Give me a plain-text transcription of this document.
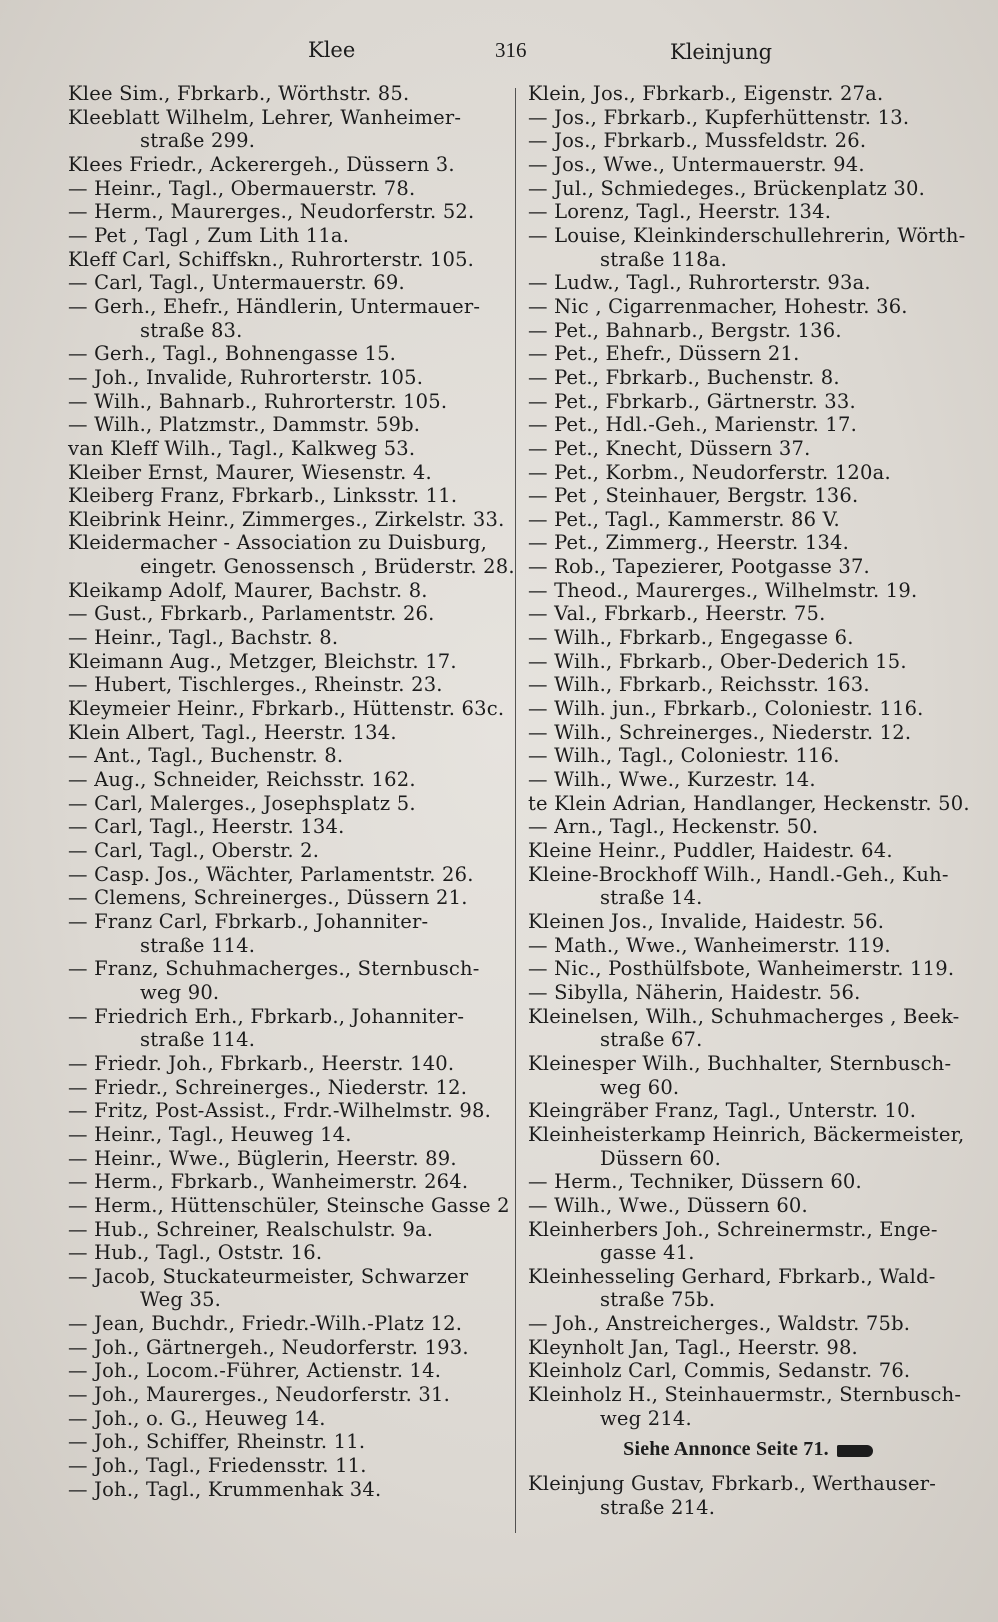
Klee	316	Kleinjung
Klee Sim., Fbrkarb., Wörthstr. 85.
Kleeblatt Wilhelm, Lehrer, Wanheimer-
straße 299.
Klees Friedr., Ackerergeh., Düssern 3.
— Heinr., Tagl., Obermauerstr. 78.
— Herm., Maurerges., Neudorferstr. 52.
— Pet , Tagl , Zum Lith 11a.
Kleff Carl, Schiffskn., Ruhrorterstr. 105.
— Carl, Tagl., Untermauerstr. 69.
— Gerh., Ehefr., Händlerin, Untermauer-
straße 83.
— Gerh., Tagl., Bohnengasse 15.
— Joh., Invalide, Ruhrorterstr. 105.
— Wilh., Bahnarb., Ruhrorterstr. 105.
— Wilh., Platzmstr., Dammstr. 59b.
van Kleff Wilh., Tagl., Kalkweg 53.
Kleiber Ernst, Maurer, Wiesenstr. 4.
Kleiberg Franz, Fbrkarb., Linksstr. 11.
Kleibrink Heinr., Zimmerges., Zirkelstr. 33.
Kleidermacher - Association zu Duisburg,
eingetr. Genossensch , Brüderstr. 28.
Kleikamp Adolf, Maurer, Bachstr. 8.
— Gust., Fbrkarb., Parlamentstr. 26.
— Heinr., Tagl., Bachstr. 8.
Kleimann Aug., Metzger, Bleichstr. 17.
— Hubert, Tischlerges., Rheinstr. 23.
Kleymeier Heinr., Fbrkarb., Hüttenstr. 63c.
Klein Albert, Tagl., Heerstr. 134.
— Ant., Tagl., Buchenstr. 8.
— Aug., Schneider, Reichsstr. 162.
— Carl, Malerges., Josephsplatz 5.
— Carl, Tagl., Heerstr. 134.
— Carl, Tagl., Oberstr. 2.
— Casp. Jos., Wächter, Parlamentstr. 26.
— Clemens, Schreinerges., Düssern 21.
— Franz Carl, Fbrkarb., Johanniter-
straße 114.
— Franz, Schuhmacherges., Sternbusch-
weg 90.
— Friedrich Erh., Fbrkarb., Johanniter-
straße 114.
— Friedr. Joh., Fbrkarb., Heerstr. 140.
— Friedr., Schreinerges., Niederstr. 12.
— Fritz, Post-Assist., Frdr.-Wilhelmstr. 98.
— Heinr., Tagl., Heuweg 14.
— Heinr., Wwe., Büglerin, Heerstr. 89.
— Herm., Fbrkarb., Wanheimerstr. 264.
— Herm., Hüttenschüler, Steinsche Gasse 2
— Hub., Schreiner, Realschulstr. 9a.
— Hub., Tagl., Oststr. 16.
— Jacob, Stuckateurmeister, Schwarzer
Weg 35.
— Jean, Buchdr., Friedr.-Wilh.-Platz 12.
— Joh., Gärtnergeh., Neudorferstr. 193.
— Joh., Locom.-Führer, Actienstr. 14.
— Joh., Maurerges., Neudorferstr. 31.
— Joh., o. G., Heuweg 14.
— Joh., Schiffer, Rheinstr. 11.
— Joh., Tagl., Friedensstr. 11.
— Joh., Tagl., Krummenhak 34.
Klein, Jos., Fbrkarb., Eigenstr. 27a.
— Jos., Fbrkarb., Kupferhüttenstr. 13.
— Jos., Fbrkarb., Mussfeldstr. 26.
— Jos., Wwe., Untermauerstr. 94.
— Jul., Schmiedeges., Brückenplatz 30.
— Lorenz, Tagl., Heerstr. 134.
— Louise, Kleinkinderschullehrerin, Wörth-
straße 118a.
— Ludw., Tagl., Ruhrorterstr. 93a.
— Nic , Cigarrenmacher, Hohestr. 36.
— Pet., Bahnarb., Bergstr. 136.
— Pet., Ehefr., Düssern 21.
— Pet., Fbrkarb., Buchenstr. 8.
— Pet., Fbrkarb., Gärtnerstr. 33.
— Pet., Hdl.-Geh., Marienstr. 17.
— Pet., Knecht, Düssern 37.
— Pet., Korbm., Neudorferstr. 120a.
— Pet , Steinhauer, Bergstr. 136.
— Pet., Tagl., Kammerstr. 86 V.
— Pet., Zimmerg., Heerstr. 134.
— Rob., Tapezierer, Pootgasse 37.
— Theod., Maurerges., Wilhelmstr. 19.
— Val., Fbrkarb., Heerstr. 75.
— Wilh., Fbrkarb., Engegasse 6.
— Wilh., Fbrkarb., Ober-Dederich 15.
— Wilh., Fbrkarb., Reichsstr. 163.
— Wilh. jun., Fbrkarb., Coloniestr. 116.
— Wilh., Schreinerges., Niederstr. 12.
— Wilh., Tagl., Coloniestr. 116.
— Wilh., Wwe., Kurzestr. 14.
te Klein Adrian, Handlanger, Heckenstr. 50.
— Arn., Tagl., Heckenstr. 50.
Kleine Heinr., Puddler, Haidestr. 64.
Kleine-Brockhoff Wilh., Handl.-Geh., Kuh-
straße 14.
Kleinen Jos., Invalide, Haidestr. 56.
— Math., Wwe., Wanheimerstr. 119.
— Nic., Posthülfsbote, Wanheimerstr. 119.
— Sibylla, Näherin, Haidestr. 56.
Kleinelsen, Wilh., Schuhmacherges , Beek-
straße 67.
Kleinesper Wilh., Buchhalter, Sternbusch-
weg 60.
Kleingräber Franz, Tagl., Unterstr. 10.
Kleinheisterkamp Heinrich, Bäckermeister,
Düssern 60.
— Herm., Techniker, Düssern 60.
— Wilh., Wwe., Düssern 60.
Kleinherbers Joh., Schreinermstr., Enge-
gasse 41.
Kleinhesseling Gerhard, Fbrkarb., Wald-
straße 75b.
— Joh., Anstreicherges., Waldstr. 75b.
Kleynholt Jan, Tagl., Heerstr. 98.
Kleinholz Carl, Commis, Sedanstr. 76.
Kleinholz H., Steinhauermstr., Sternbusch-
weg 214.
Siehe Annonce Seite 71.
Kleinjung Gustav, Fbrkarb., Werthauser-
straße 214.
